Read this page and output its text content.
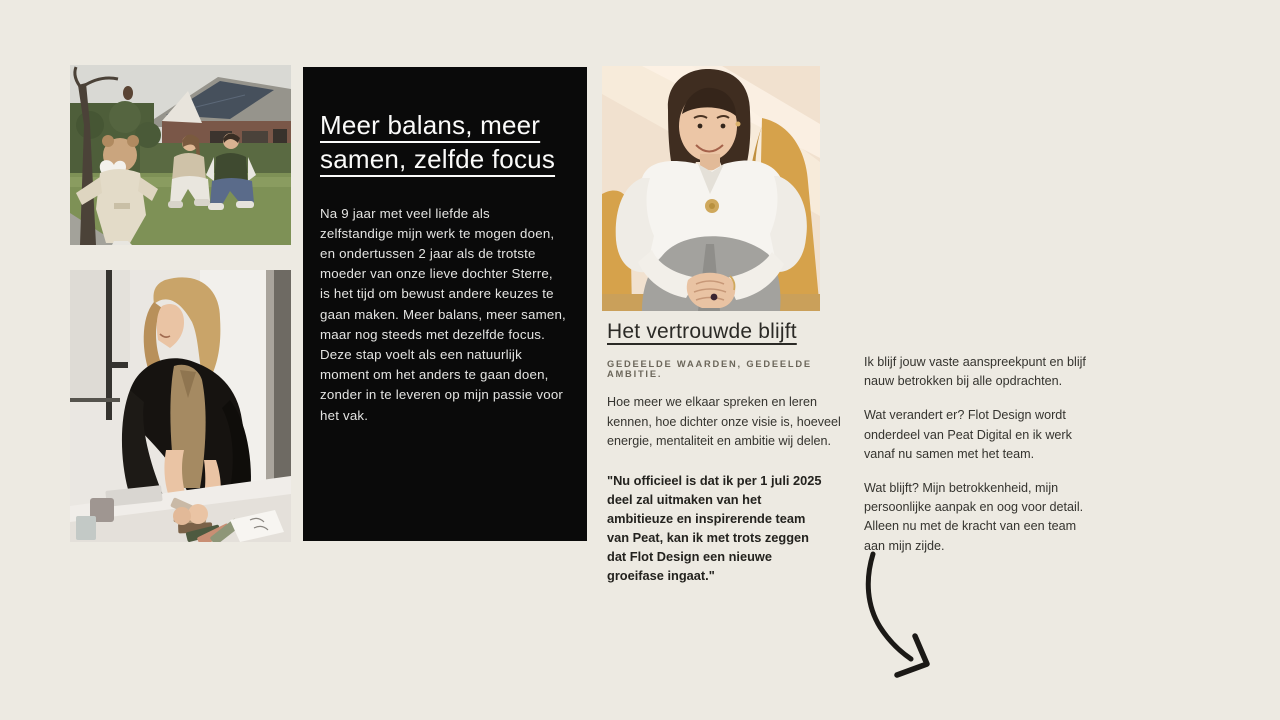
Meer balans, meer samen, zelfde focus

Na 9 jaar met veel liefde als zelfstandige mijn werk te mogen doen, en ondertussen 2 jaar als de trotste moeder van onze lieve dochter Sterre, is het tijd om bewust andere keuzes te gaan maken. Meer balans, meer samen, maar nog steeds met dezelfde focus. Deze stap voelt als een natuurlijk moment om het anders te gaan doen, zonder in te leveren op mijn passie voor het vak.

Het vertrouwde blijft
GEDEELDE WAARDEN, GEDEELDE AMBITIE.

Hoe meer we elkaar spreken en leren kennen, hoe dichter onze visie is, hoeveel energie, mentaliteit en ambitie wij delen.

"Nu officieel is dat ik per 1 juli 2025 deel zal uitmaken van het ambitieuze en inspirerende team van Peat, kan ik met trots zeggen dat Flot Design een nieuwe groeifase ingaat."

Ik blijf jouw vaste aanspreekpunt en blijf nauw betrokken bij alle opdrachten.

Wat verandert er? Flot Design wordt onderdeel van Peat Digital en ik werk vanaf nu samen met het team.

Wat blijft? Mijn betrokkenheid, mijn persoonlijke aanpak en oog voor detail. Alleen nu met de kracht van een team aan mijn zijde.
